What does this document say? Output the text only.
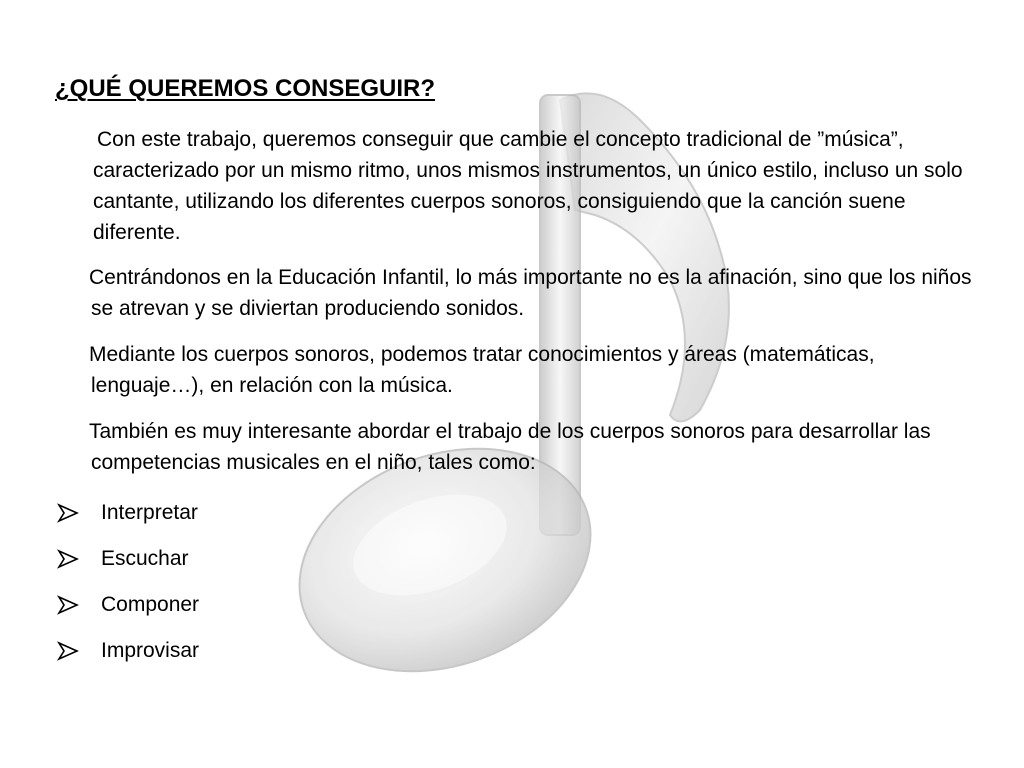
¿QUÉ QUEREMOS CONSEGUIR?

Con este trabajo, queremos conseguir que cambie el concepto tradicional de ”música”, caracterizado por un mismo ritmo, unos mismos instrumentos, un único estilo, incluso un solo cantante, utilizando los diferentes cuerpos sonoros, consiguiendo que la canción suene diferente.

Centrándonos en la Educación Infantil, lo más importante no es la afinación, sino que los niños se atrevan y se diviertan produciendo sonidos.

Mediante los cuerpos sonoros, podemos tratar conocimientos y áreas (matemáticas, lenguaje…), en relación con la música.

También es muy interesante abordar el trabajo de los cuerpos sonoros para desarrollar las competencias musicales en el niño, tales como:

Interpretar
Escuchar
Componer
Improvisar
